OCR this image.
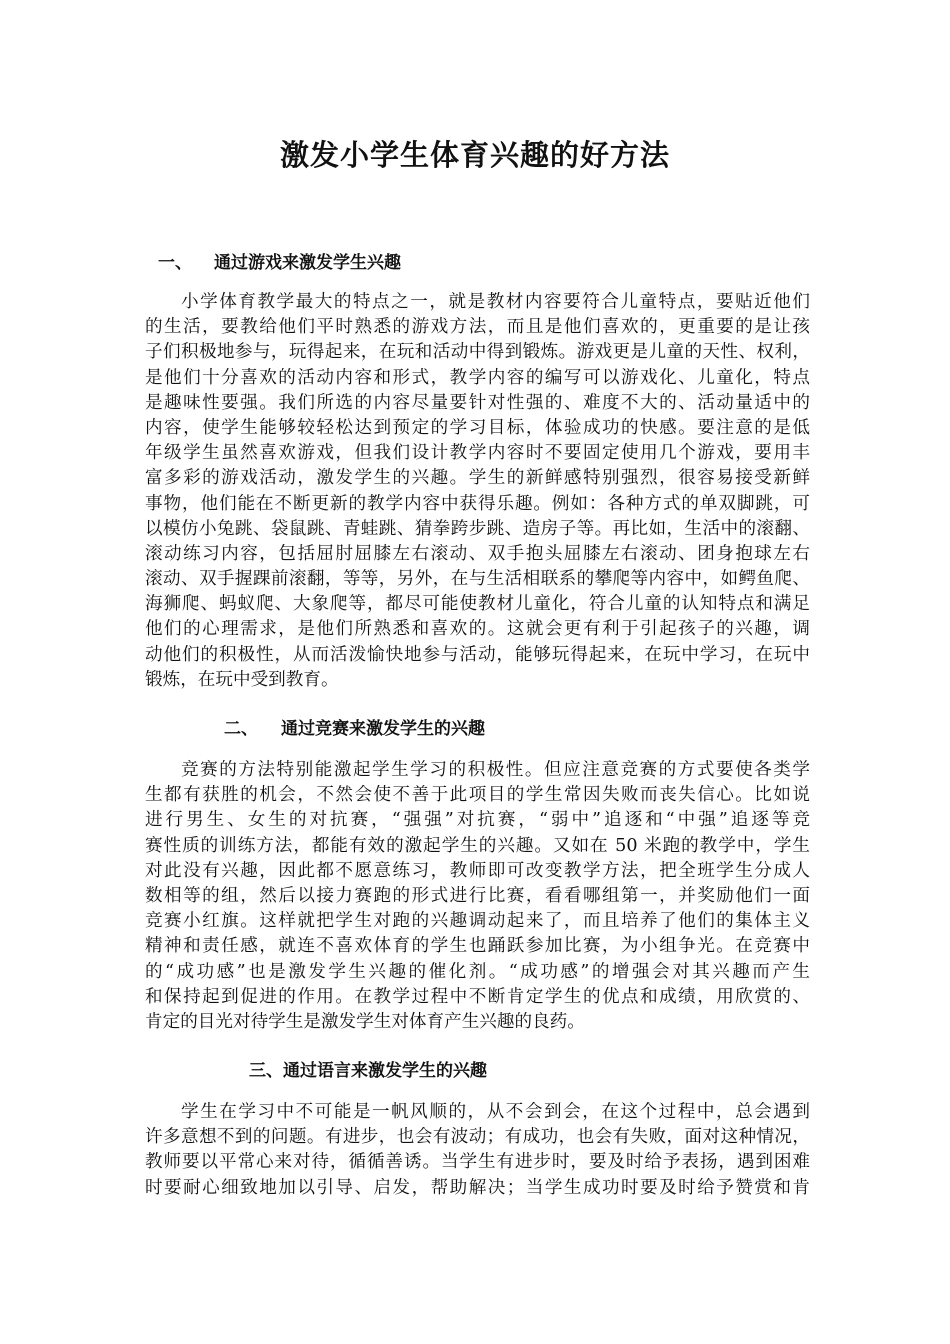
激发小学生体育兴趣的好方法
一、 通过游戏来激发学生兴趣
小学体育教学最大的特点之一，就是教材内容要符合儿童特点，要贴近他们
的生活，要教给他们平时熟悉的游戏方法，而且是他们喜欢的，更重要的是让孩
子们积极地参与，玩得起来，在玩和活动中得到锻炼。游戏更是儿童的天性、权利，
是他们十分喜欢的活动内容和形式，教学内容的编写可以游戏化、儿童化，特点
是趣味性要强。我们所选的内容尽量要针对性强的、难度不大的、活动量适中的
内容，使学生能够较轻松达到预定的学习目标，体验成功的快感。要注意的是低
年级学生虽然喜欢游戏，但我们设计教学内容时不要固定使用几个游戏，要用丰
富多彩的游戏活动，激发学生的兴趣。学生的新鲜感特别强烈，很容易接受新鲜
事物，他们能在不断更新的教学内容中获得乐趣。例如：各种方式的单双脚跳，可
以模仿小兔跳、袋鼠跳、青蛙跳、猜拳跨步跳、造房子等。再比如，生活中的滚翻、
滚动练习内容，包括屈肘屈膝左右滚动、双手抱头屈膝左右滚动、团身抱球左右
滚动、双手握踝前滚翻，等等，另外，在与生活相联系的攀爬等内容中，如鳄鱼爬、
海狮爬、蚂蚁爬、大象爬等，都尽可能使教材儿童化，符合儿童的认知特点和满足
他们的心理需求，是他们所熟悉和喜欢的。这就会更有利于引起孩子的兴趣，调
动他们的积极性，从而活泼愉快地参与活动，能够玩得起来，在玩中学习，在玩中
锻炼，在玩中受到教育。
二、 通过竞赛来激发学生的兴趣
竞赛的方法特别能激起学生学习的积极性。但应注意竞赛的方式要使各类学
生都有获胜的机会，不然会使不善于此项目的学生常因失败而丧失信心。比如说
进行男生、女生的对抗赛，“强强”对抗赛，“弱中”追逐和“中强”追逐等竞
赛性质的训练方法，都能有效的激起学生的兴趣。又如在 50 米跑的教学中，学生
对此没有兴趣，因此都不愿意练习，教师即可改变教学方法，把全班学生分成人
数相等的组，然后以接力赛跑的形式进行比赛，看看哪组第一，并奖励他们一面
竞赛小红旗。这样就把学生对跑的兴趣调动起来了，而且培养了他们的集体主义
精神和责任感，就连不喜欢体育的学生也踊跃参加比赛，为小组争光。在竞赛中
的“成功感”也是激发学生兴趣的催化剂。“成功感”的增强会对其兴趣而产生
和保持起到促进的作用。在教学过程中不断肯定学生的优点和成绩，用欣赏的、
肯定的目光对待学生是激发学生对体育产生兴趣的良药。
三、通过语言来激发学生的兴趣
学生在学习中不可能是一帆风顺的，从不会到会，在这个过程中，总会遇到
许多意想不到的问题。有进步，也会有波动；有成功，也会有失败，面对这种情况，
教师要以平常心来对待，循循善诱。当学生有进步时，要及时给予表扬，遇到困难
时要耐心细致地加以引导、启发，帮助解决；当学生成功时要及时给予赞赏和肯
